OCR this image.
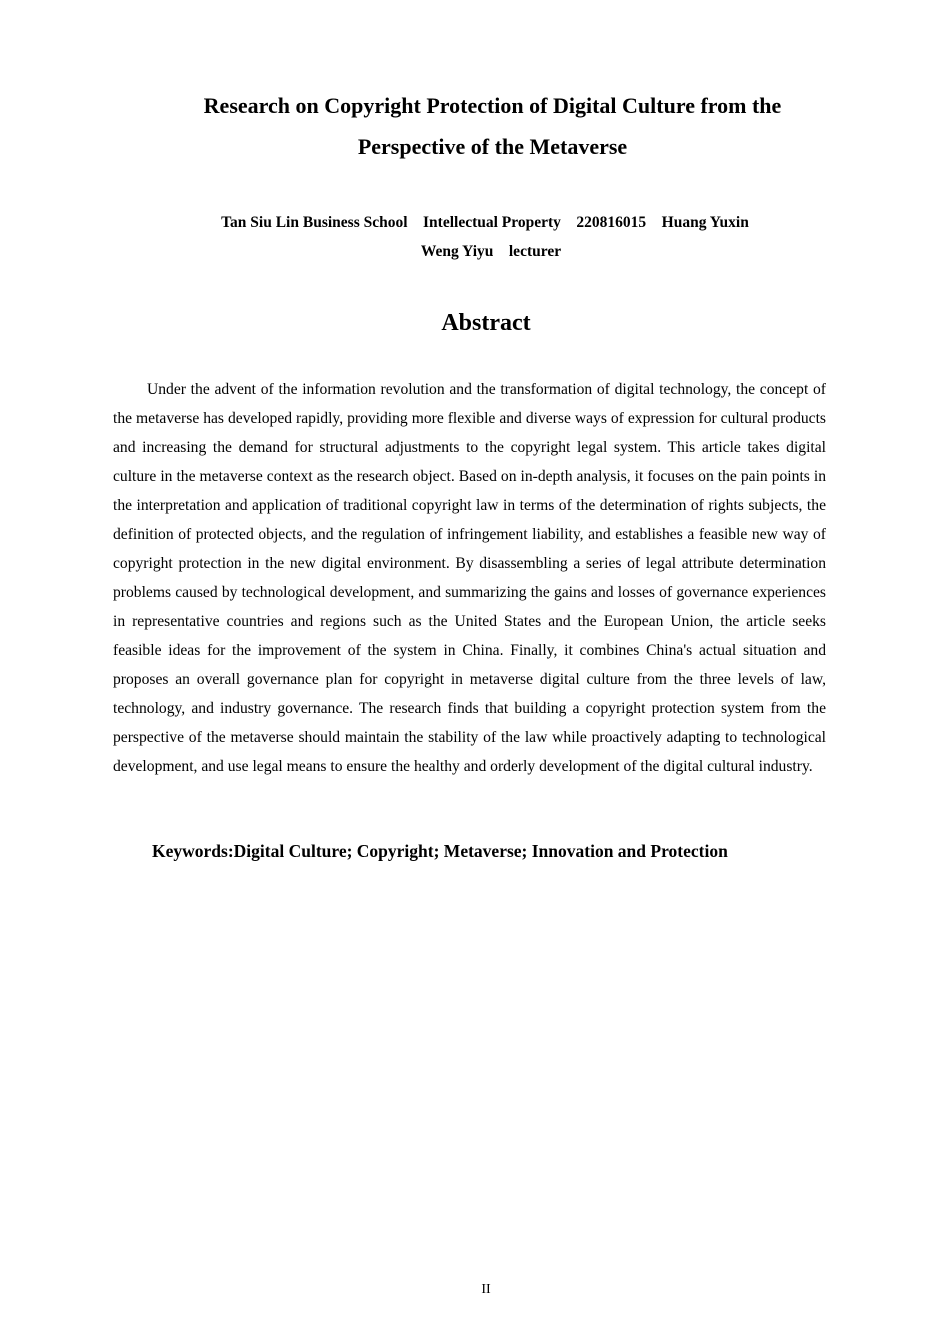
Research on Copyright Protection of Digital Culture from the Perspective of the Metaverse
Tan Siu Lin Business School    Intellectual Property    220816015    Huang Yuxin
Weng Yiyu    lecturer
Abstract

Under the advent of the information revolution and the transformation of digital technology, the concept of the metaverse has developed rapidly, providing more flexible and diverse ways of expression for cultural products and increasing the demand for structural adjustments to the copyright legal system. This article takes digital culture in the metaverse context as the research object. Based on in-depth analysis, it focuses on the pain points in the interpretation and application of traditional copyright law in terms of the determination of rights subjects, the definition of protected objects, and the regulation of infringement liability, and establishes a feasible new way of copyright protection in the new digital environment. By disassembling a series of legal attribute determination problems caused by technological development, and summarizing the gains and losses of governance experiences in representative countries and regions such as the United States and the European Union, the article seeks feasible ideas for the improvement of the system in China. Finally, it combines China's actual situation and proposes an overall governance plan for copyright in metaverse digital culture from the three levels of law, technology, and industry governance. The research finds that building a copyright protection system from the perspective of the metaverse should maintain the stability of the law while proactively adapting to technological development, and use legal means to ensure the healthy and orderly development of the digital cultural industry.

Keywords:Digital Culture; Copyright; Metaverse; Innovation and Protection
II
